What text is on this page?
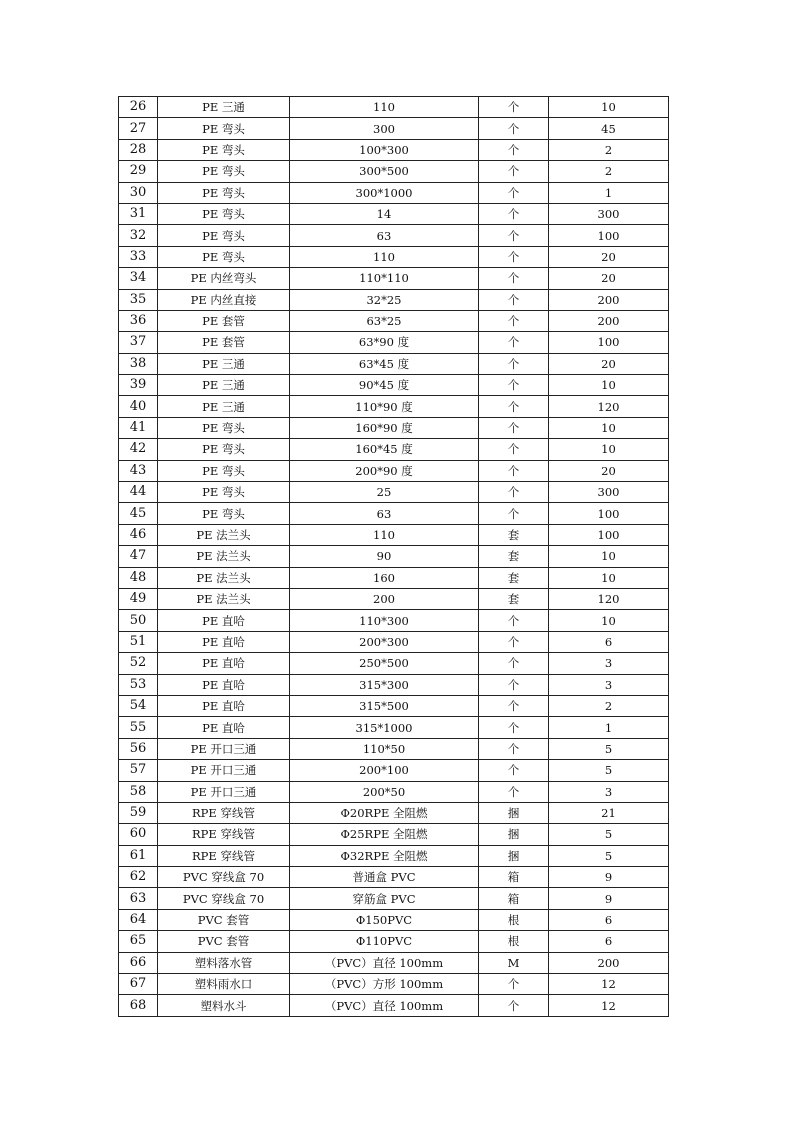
26	PE 三通	110	个	10
27	PE 弯头	300	个	45
28	PE 弯头	100*300	个	2
29	PE 弯头	300*500	个	2
30	PE 弯头	300*1000	个	1
31	PE 弯头	14	个	300
32	PE 弯头	63	个	100
33	PE 弯头	110	个	20
34	PE 内丝弯头	110*110	个	20
35	PE 内丝直接	32*25	个	200
36	PE 套管	63*25	个	200
37	PE 套管	63*90 度	个	100
38	PE 三通	63*45 度	个	20
39	PE 三通	90*45 度	个	10
40	PE 三通	110*90 度	个	120
41	PE 弯头	160*90 度	个	10
42	PE 弯头	160*45 度	个	10
43	PE 弯头	200*90 度	个	20
44	PE 弯头	25	个	300
45	PE 弯头	63	个	100
46	PE 法兰头	110	套	100
47	PE 法兰头	90	套	10
48	PE 法兰头	160	套	10
49	PE 法兰头	200	套	120
50	PE 直哈	110*300	个	10
51	PE 直哈	200*300	个	6
52	PE 直哈	250*500	个	3
53	PE 直哈	315*300	个	3
54	PE 直哈	315*500	个	2
55	PE 直哈	315*1000	个	1
56	PE 开口三通	110*50	个	5
57	PE 开口三通	200*100	个	5
58	PE 开口三通	200*50	个	3
59	RPE 穿线管	Φ20RPE 全阻燃	捆	21
60	RPE 穿线管	Φ25RPE 全阻燃	捆	5
61	RPE 穿线管	Φ32RPE 全阻燃	捆	5
62	PVC 穿线盒 70	普通盒 PVC	箱	9
63	PVC 穿线盒 70	穿筋盒 PVC	箱	9
64	PVC 套管	Φ150PVC	根	6
65	PVC 套管	Φ110PVC	根	6
66	塑料落水管	（PVC）直径 100mm	M	200
67	塑料雨水口	（PVC）方形 100mm	个	12
68	塑料水斗	（PVC）直径 100mm	个	12
